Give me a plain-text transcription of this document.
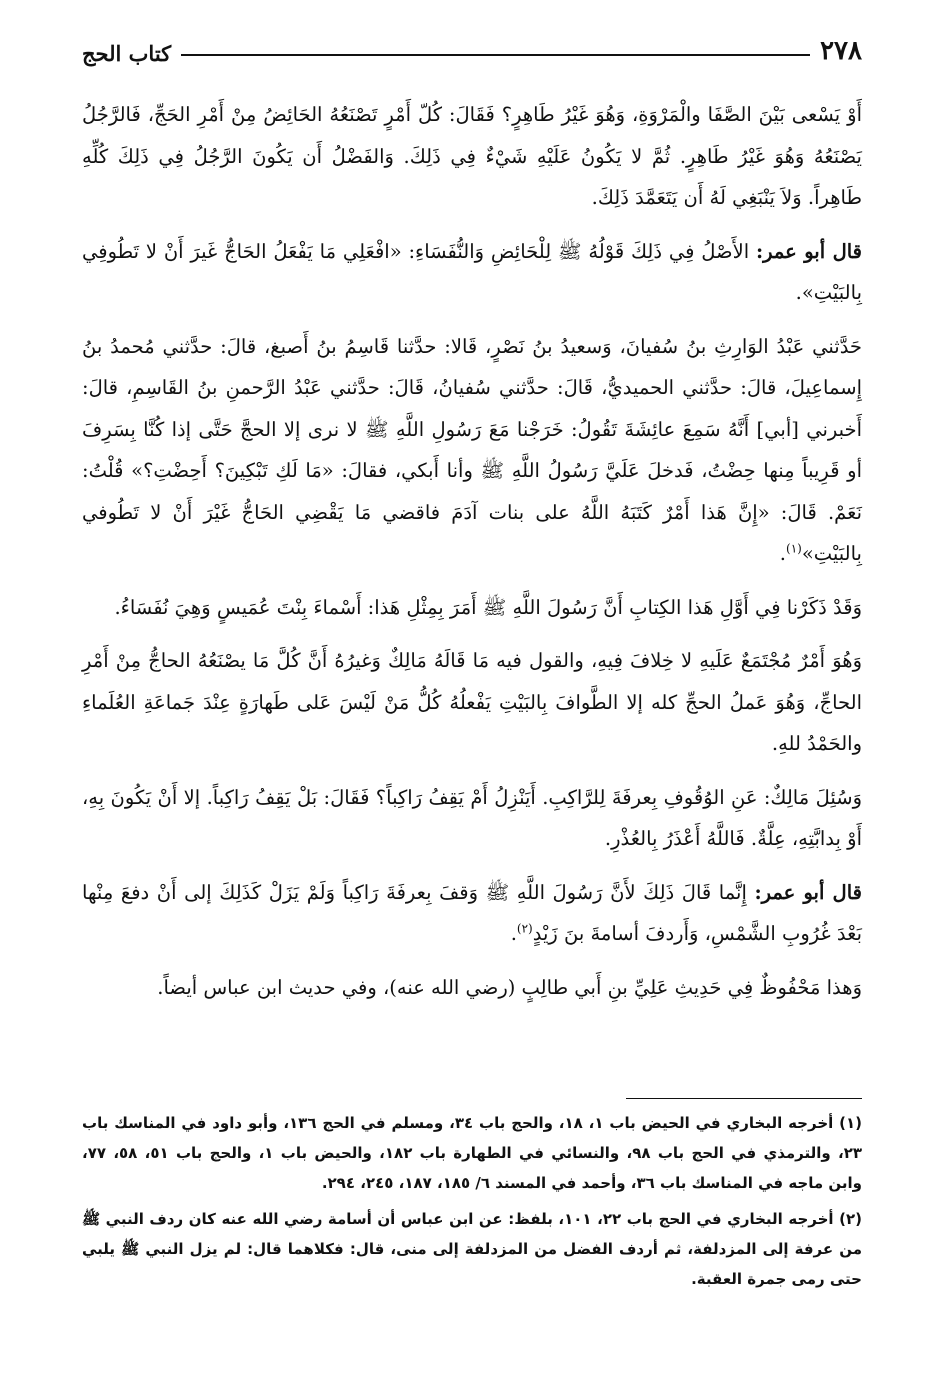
٢٧٨
كتاب الحج

أَوْ يَسْعى بَيْنَ الصَّفَا والْمَرْوَةِ، وَهُوَ غَيْرُ طَاهِرٍ؟ فَقَالَ: كُلّ أَمْرٍ تَصْنَعُهُ الحَائِضُ مِنْ أَمْرِ الحَجِّ، فَالرَّجُلُ يَصْنَعُهُ وَهُوَ غَيْرُ طَاهِرٍ. ثُمَّ لا يَكُونُ عَلَيْهِ شَيْءٌ فِي ذَلِكَ. وَالفَضْلُ أَن يَكُونَ الرَّجُلُ فِي ذَلِكَ كُلِّهِ طَاهِراً. وَلاَ يَنْبَغِي لَهُ أَن يَتَعَمَّدَ ذَلِكَ.

قال أبو عمر: الأَصْلُ فِي ذَلِكَ قَوْلُهُ ﷺ لِلْحَائِضِ وَالنُّفَسَاءِ: «افْعَلِي مَا يَفْعَلُ الحَاجُّ غَيرَ أَنْ لا تَطُوفِي بِالبَيْتِ».

حَدَّثني عَبْدُ الوَارِثِ بنُ سُفيانَ، وَسعيدُ بنُ نَصْرٍ، قَالا: حدَّثنا قَاسِمُ بنُ أَصبغ، قالَ: حدَّثني مُحمدُ بنُ إِسماعِيلَ، قالَ: حدَّثني الحميديُّ، قَالَ: حدَّثني سُفيانُ، قَالَ: حدَّثني عَبْدُ الرَّحمنِ بنُ القَاسِمِ، قالَ: أَخبرني [أبي] أَنَّهُ سَمِعَ عائِشَةَ تَقُولُ: خَرَجْنا مَعَ رَسُولِ اللَّهِ ﷺ لا نرى إلا الحجَّ حَتَّى إذا كُنَّا بِسَرِفَ أو قَرِيباً مِنها حِضْتُ، فَدخلَ عَلَيَّ رَسُولُ اللَّهِ ﷺ وأنا أَبكي، فقالَ: «مَا لَكِ تَبْكِينَ؟ أَحِضْتِ؟» قُلْتُ: نَعَمْ. قَالَ: «إِنَّ هَذا أَمْرٌ كَتَبَهُ اللَّهُ على بنات آدَمَ فاقضي مَا يَقْضِي الحَاجُّ غَيْرَ أَنْ لا تَطُوفي بِالبَيْتِ»$^{(١)}$.

وَقَدْ ذَكَرْنا فِي أَوَّلِ هَذا الكِتابِ أَنَّ رَسُولَ اللَّهِ ﷺ أَمَرَ بِمِثْلِ هَذا: أَسْماءَ بِنْتَ عُمَيسٍ وَهِيَ نُفَسَاءُ.

وَهُوَ أَمْرٌ مُجْتَمَعٌ عَلَيهِ لا خِلافَ فِيهِ، والقول فيه مَا قَالَهُ مَالِكٌ وَغيرُهُ أَنَّ كُلَّ مَا يصْنَعُهُ الحاجُّ مِنْ أَمْرِ الحاجِّ، وَهُوَ عَملُ الحجِّ كله إلا الطَّوافَ بِالبَيْتِ يَفْعلُهُ كُلُّ مَنْ لَيْسَ عَلى طَهارَةٍ عِنْدَ جَماعَةِ العُلَماءِ والحَمْدُ للهِ.

وَسُئِلَ مَالِكٌ: عَنِ الوُقُوفِ بِعرفَةَ لِلرَّاكِبِ. أَيَنْزِلُ أَمْ يَقِفُ رَاكِباً؟ فَقَالَ: بَلْ يَقِفُ رَاكِباً. إلا أَنْ يَكُونَ بِهِ، أَوْ بِدابَّتِهِ، عِلَّةٌ. فَاللَّهُ أَعْذَرُ بِالعُذْرِ.

قال أبو عمر: إِنَّما قَالَ ذَلِكَ لأَنَّ رَسُولَ اللَّهِ ﷺ وَقفَ بِعرفَةَ رَاكِباً وَلَمْ يَزَلْ كَذَلِكَ إلى أَنْ دفعَ مِنْها بَعْدَ غُرُوبِ الشَّمْسِ، وَأَردفَ أسامةَ بنَ زَيْدٍ$^{(٢)}$.

وَهذا مَحْفُوظٌ فِي حَدِيثِ عَلِيِّ بنِ أَبي طالِبٍ (رضي الله عنه)، وفي حديث ابن عباس أيضاً.

(١) أخرجه البخاري في الحيض باب ١، ١٨، والحج باب ٣٤، ومسلم في الحج ١٣٦، وأبو داود في المناسك باب ٢٣، والترمذي في الحج باب ٩٨، والنسائي في الطهارة باب ١٨٢، والحيض باب ١، والحج باب ٥١، ٥٨، ٧٧، وابن ماجه في المناسك باب ٣٦، وأحمد في المسند ٦/ ١٨٥، ١٨٧، ٢٤٥، ٢٩٤.

(٢) أخرجه البخاري في الحج باب ٢٢، ١٠١، بلفظ: عن ابن عباس أن أسامة رضي الله عنه كان ردف النبي ﷺ من عرفة إلى المزدلفة، ثم أردف الفضل من المزدلفة إلى منى، قال: فكلاهما قال: لم يزل النبي ﷺ يلبي حتى رمى جمرة العقبة.
